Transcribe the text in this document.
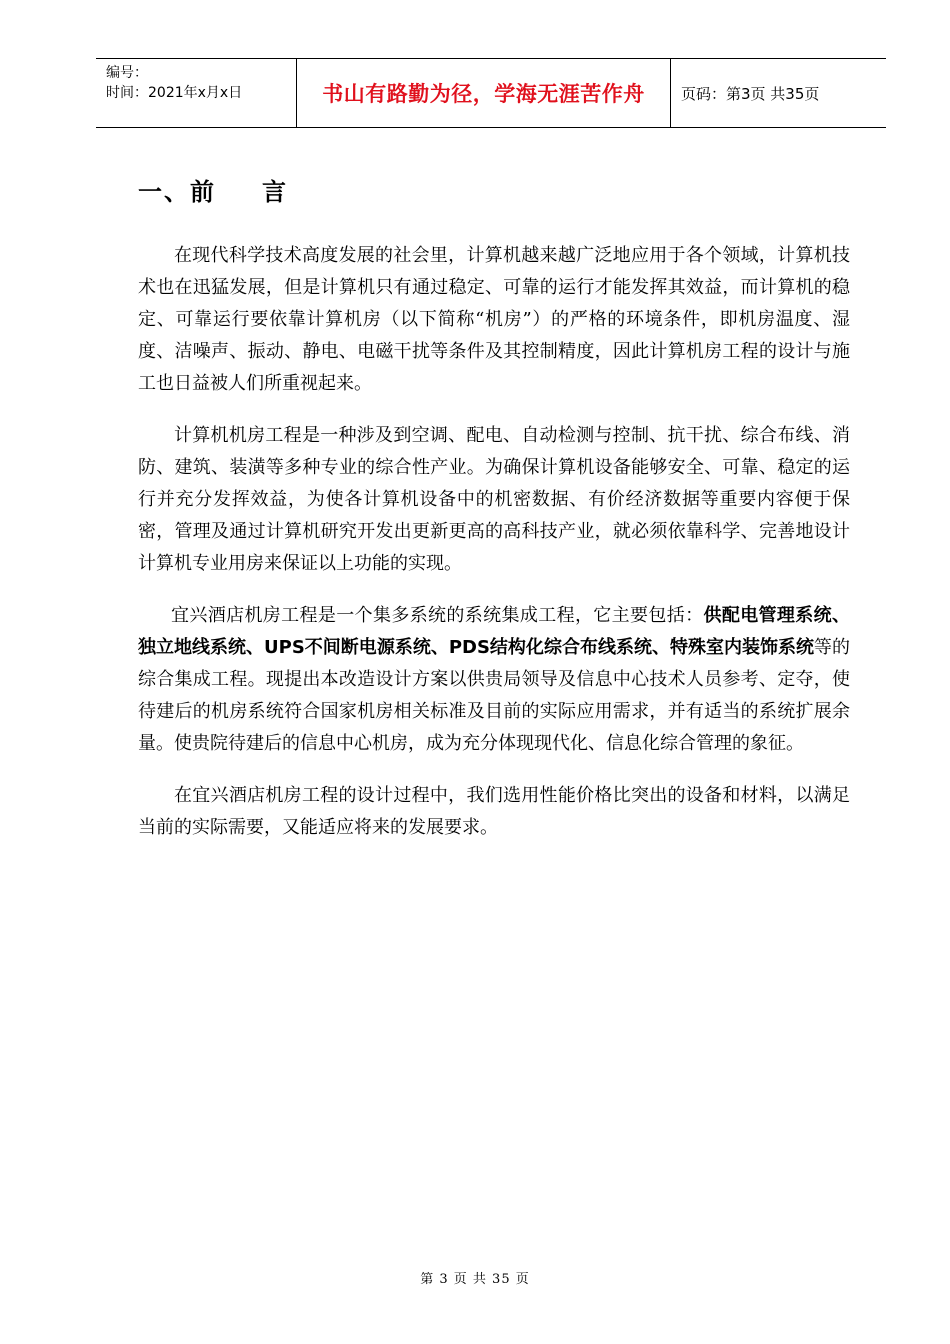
编号：
时间：2021年x月x日	书山有路勤为径，学海无涯苦作舟	页码：第3页 共35页
一、前 言

在现代科学技术高度发展的社会里，计算机越来越广泛地应用于各个领域，计算机技术也在迅猛发展，但是计算机只有通过稳定、可靠的运行才能发挥其效益，而计算机的稳定、可靠运行要依靠计算机房（以下简称“机房”）的严格的环境条件，即机房温度、湿度、洁噪声、振动、静电、电磁干扰等条件及其控制精度，因此计算机房工程的设计与施工也日益被人们所重视起来。

计算机机房工程是一种涉及到空调、配电、自动检测与控制、抗干扰、综合布线、消防、建筑、装潢等多种专业的综合性产业。为确保计算机设备能够安全、可靠、稳定的运行并充分发挥效益，为使各计算机设备中的机密数据、有价经济数据等重要内容便于保密，管理及通过计算机研究开发出更新更高的高科技产业，就必须依靠科学、完善地设计计算机专业用房来保证以上功能的实现。

宜兴酒店机房工程是一个集多系统的系统集成工程，它主要包括：供配电管理系统、独立地线系统、UPS不间断电源系统、PDS结构化综合布线系统、特殊室内装饰系统等的综合集成工程。现提出本改造设计方案以供贵局领导及信息中心技术人员参考、定夺，使待建后的机房系统符合国家机房相关标准及目前的实际应用需求，并有适当的系统扩展余量。使贵院待建后的信息中心机房，成为充分体现现代化、信息化综合管理的象征。

在宜兴酒店机房工程的设计过程中，我们选用性能价格比突出的设备和材料，以满足当前的实际需要，又能适应将来的发展要求。

第 3 页 共 35 页
